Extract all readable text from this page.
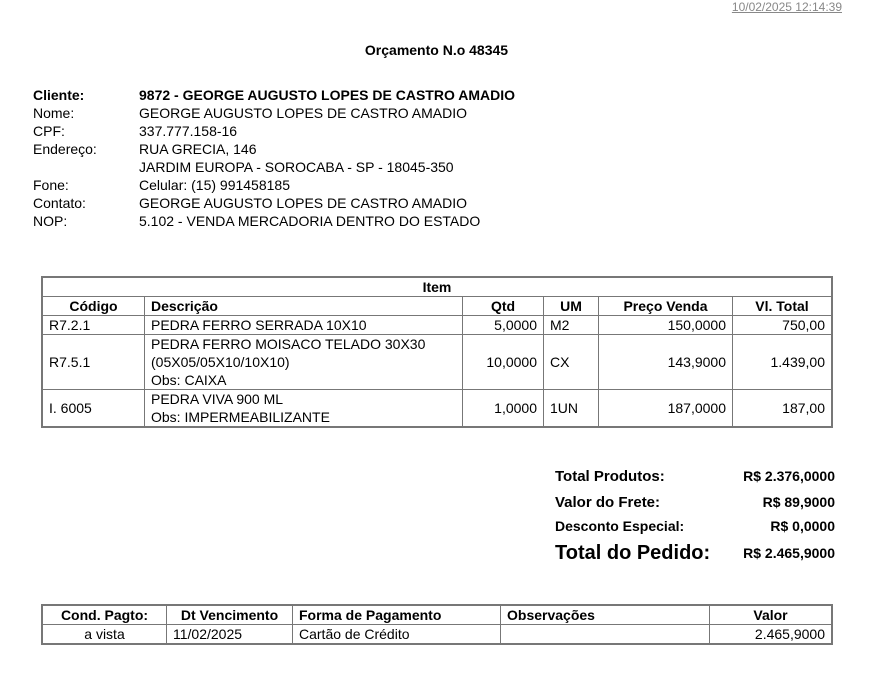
10/02/2025 12:14:39
Orçamento N.o 48345
Cliente:	9872 - GEORGE AUGUSTO LOPES DE CASTRO AMADIO
Nome:	GEORGE AUGUSTO LOPES DE CASTRO AMADIO
CPF:	337.777.158-16
Endereço:	RUA GRECIA, 146
	JARDIM EUROPA - SOROCABA - SP - 18045-350
Fone:	Celular: (15) 991458185
Contato:	GEORGE AUGUSTO LOPES DE CASTRO AMADIO
NOP:	5.102 - VENDA MERCADORIA DENTRO DO ESTADO
Item					
Código	Descrição	Qtd	UM	Preço Venda	Vl. Total
R7.2.1	PEDRA FERRO SERRADA 10X10	5,0000	M2	150,0000	750,00
R7.5.1	PEDRA FERRO MOISACO TELADO 30X30
(05X05/05X10/10X10)
Obs: CAIXA	10,0000	CX	143,9000	1.439,00
I. 6005	PEDRA VIVA 900 ML
Obs: IMPERMEABILIZANTE	1,0000	1UN	187,0000	187,00
Total Produtos:	R$ 2.376,0000
Valor do Frete:	R$ 89,9000
Desconto Especial:	R$ 0,0000
Total do Pedido:	R$ 2.465,9000
Cond. Pagto:	Dt Vencimento	Forma de Pagamento	Observações	Valor
a vista	11/02/2025	Cartão de Crédito		2.465,9000
